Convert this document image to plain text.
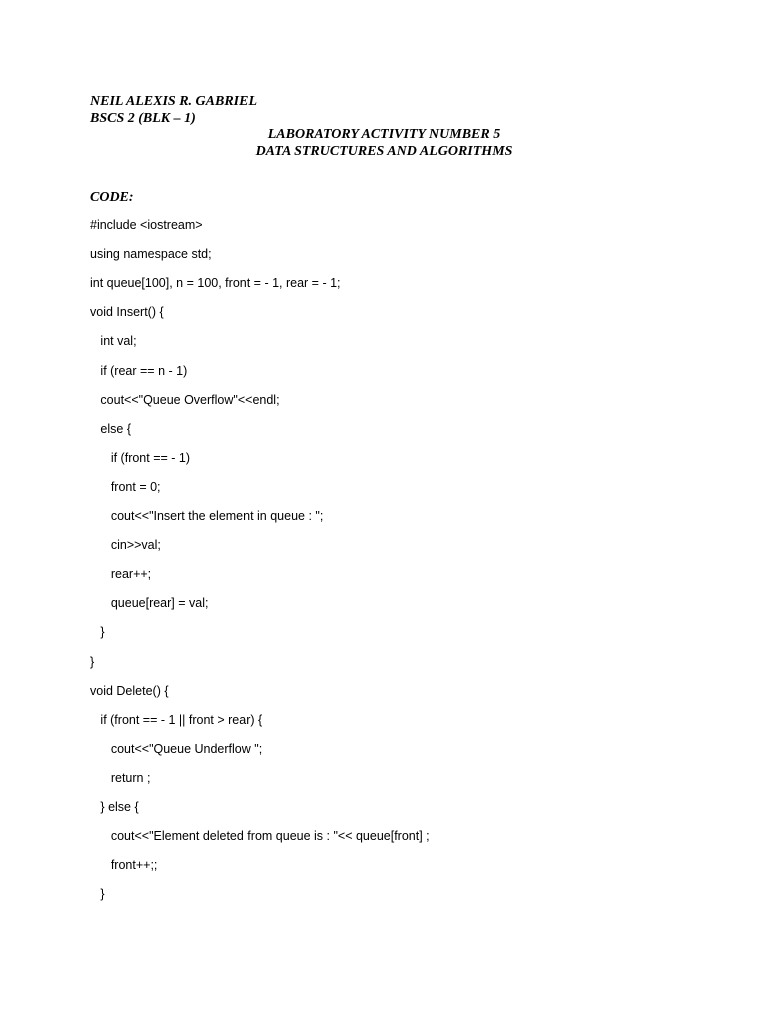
NEIL ALEXIS R. GABRIEL
BSCS 2 (BLK – 1)
LABORATORY ACTIVITY NUMBER 5
DATA STRUCTURES AND ALGORITHMS
CODE:
#include <iostream>
using namespace std;
int queue[100], n = 100, front = - 1, rear = - 1;
void Insert() {
int val;
if (rear == n - 1)
cout<<"Queue Overflow"<<endl;
else {
if (front == - 1)
front = 0;
cout<<"Insert the element in queue : ";
cin>>val;
rear++;
queue[rear] = val;
}
}
void Delete() {
if (front == - 1 || front > rear) {
cout<<"Queue Underflow ";
return ;
} else {
cout<<"Element deleted from queue is : "<< queue[front] ;
front++;;
}
